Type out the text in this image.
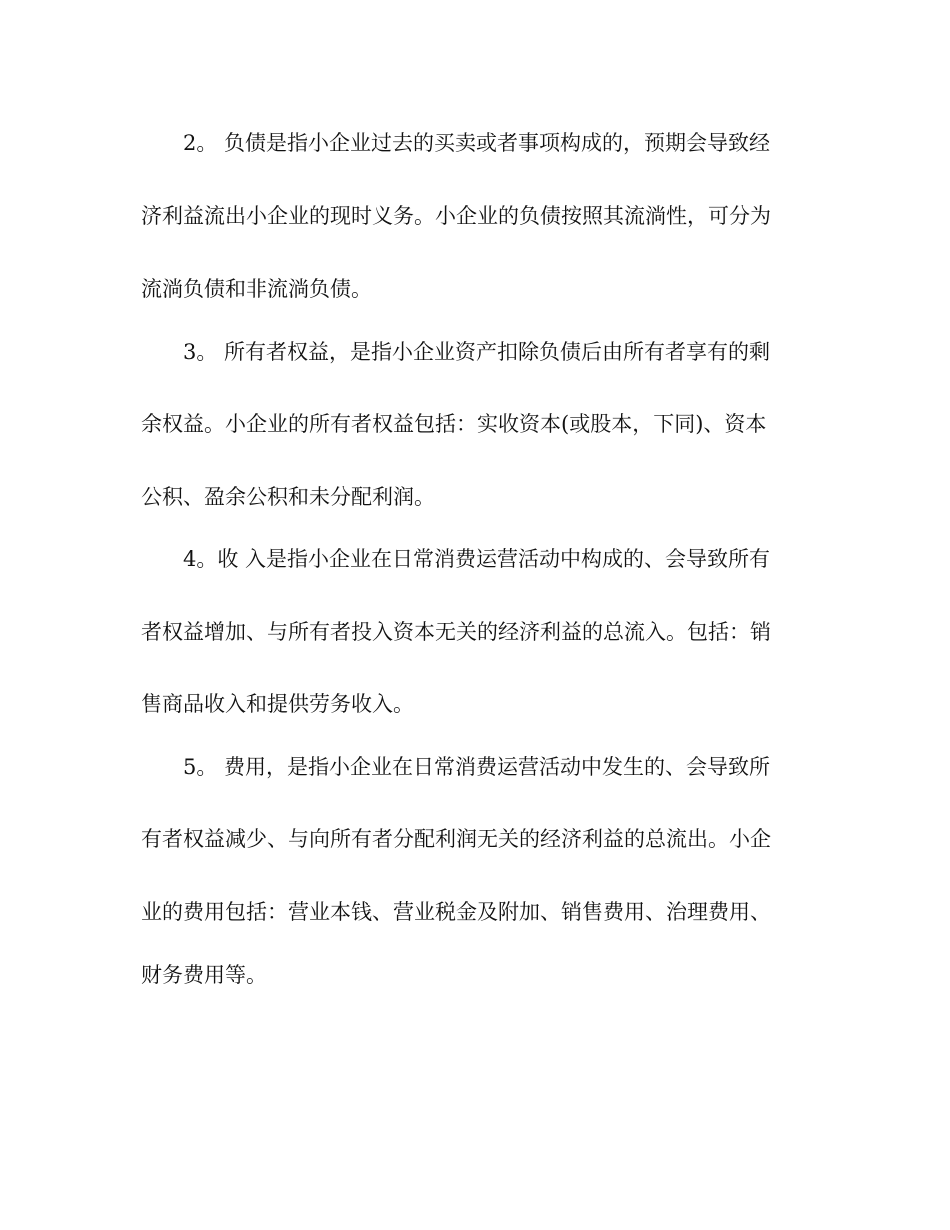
2。 负债是指小企业过去的买卖或者事项构成的，预期会导致经
济利益流出小企业的现时义务。小企业的负债按照其流淌性，可分为
流淌负债和非流淌负债。
3。 所有者权益，是指小企业资产扣除负债后由所有者享有的剩
余权益。小企业的所有者权益包括：实收资本(或股本，下同)、资本
公积、盈余公积和未分配利润。
4。收 入是指小企业在日常消费运营活动中构成的、会导致所有
者权益增加、与所有者投入资本无关的经济利益的总流入。包括：销
售商品收入和提供劳务收入。
5。 费用，是指小企业在日常消费运营活动中发生的、会导致所
有者权益减少、与向所有者分配利润无关的经济利益的总流出。小企
业的费用包括：营业本钱、营业税金及附加、销售费用、治理费用、
财务费用等。
